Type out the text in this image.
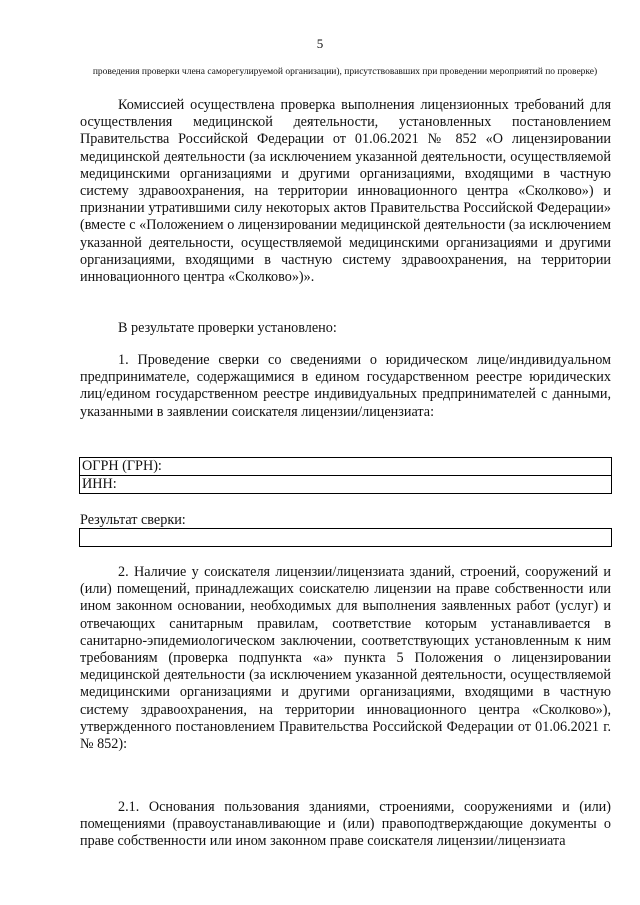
5
проведения проверки члена саморегулируемой организации), присутствовавших при проведении мероприятий по проверке)
Комиссией осуществлена проверка выполнения лицензионных требований для осуществления медицинской деятельности, установленных постановлением Правительства Российской Федерации от 01.06.2021 № 852 «О лицензировании медицинской деятельности (за исключением указанной деятельности, осуществляемой медицинскими организациями и другими организациями, входящими в частную систему здравоохранения, на территории инновационного центра «Сколково») и признании утратившими силу некоторых актов Правительства Российской Федерации» (вместе с «Положением о лицензировании медицинской деятельности (за исключением указанной деятельности, осуществляемой медицинскими организациями и другими организациями, входящими в частную систему здравоохранения, на территории инновационного центра «Сколково»)».
В результате проверки установлено:
1. Проведение сверки со сведениями о юридическом лице/индивидуальном предпринимателе, содержащимися в едином государственном реестре юридических лиц/едином государственном реестре индивидуальных предпринимателей с данными, указанными в заявлении соискателя лицензии/лицензиата:
ОГРН (ГРН):
ИНН:
Результат сверки:
2. Наличие у соискателя лицензии/лицензиата зданий, строений, сооружений и (или) помещений, принадлежащих соискателю лицензии на праве собственности или ином законном основании, необходимых для выполнения заявленных работ (услуг) и отвечающих санитарным правилам, соответствие которым устанавливается в санитарно-эпидемиологическом заключении, соответствующих установленным к ним требованиям (проверка подпункта «а» пункта 5 Положения о лицензировании медицинской деятельности (за исключением указанной деятельности, осуществляемой медицинскими организациями и другими организациями, входящими в частную систему здравоохранения, на территории инновационного центра «Сколково»), утвержденного постановлением Правительства Российской Федерации от 01.06.2021 г. № 852):
2.1. Основания пользования зданиями, строениями, сооружениями и (или) помещениями (правоустанавливающие и (или) правоподтверждающие документы о праве собственности или ином законном праве соискателя лицензии/лицензиата
